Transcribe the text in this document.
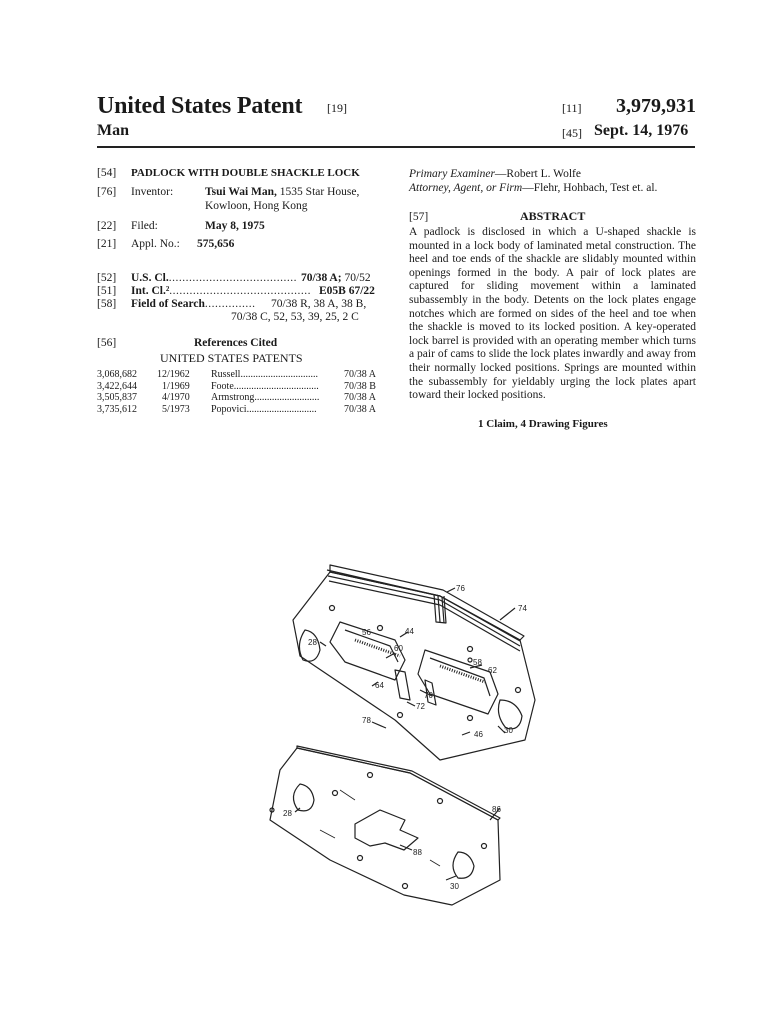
United States Patent [19]
Man
[11] 3,979,931
[45] Sept. 14, 1976
[54] PADLOCK WITH DOUBLE SHACKLE LOCK
[76] Inventor:	Tsui Wai Man, 1535 Star House,
Kowloon, Hong Kong
[22] Filed:	May 8, 1975
[21] Appl. No.: 575,656
[52] U.S. Cl....................................... 70/38 A; 70/52
[51] Int. Cl.².......................................... E05B 67/22
[58] Field of Search............... 70/38 R, 38 A, 38 B,
70/38 C, 52, 53, 39, 25, 2 C
[56]	References Cited
UNITED STATES PATENTS
3,068,682 12/1962 Russell...............................	70/38 A
3,422,644	1/1969 Foote..................................	70/38 B
3,505,837	4/1970 Armstrong.......................... 70/38 A
3,735,612	5/1973 Popovici............................	70/38 A
Primary Examiner—Robert L. Wolfe
Attorney, Agent, or Firm—Flehr, Hohbach, Test et. al.
[57]	ABSTRACT
A padlock is disclosed in which a U-shaped shackle is mounted in a lock body of laminated metal construction. The heel and toe ends of the shackle are slidably mounted within openings formed in the body. A pair of lock plates are captured for sliding movement within a laminated subassembly in the body. Detents on the lock plates engage notches which are formed on sides of the heel and toe when the shackle is moved to its locked position. A key-operated lock barrel is provided with an operating member which turns a pair of cams to slide the lock plates inwardly and away from their normally locked positions. Springs are mounted within the subassembly for yieldably urging the lock plates apart toward their locked positions.
1 Claim, 4 Drawing Figures
76
74
56	44
28
60
58
62
64
70
72
78
46	30
86
28
88
30
